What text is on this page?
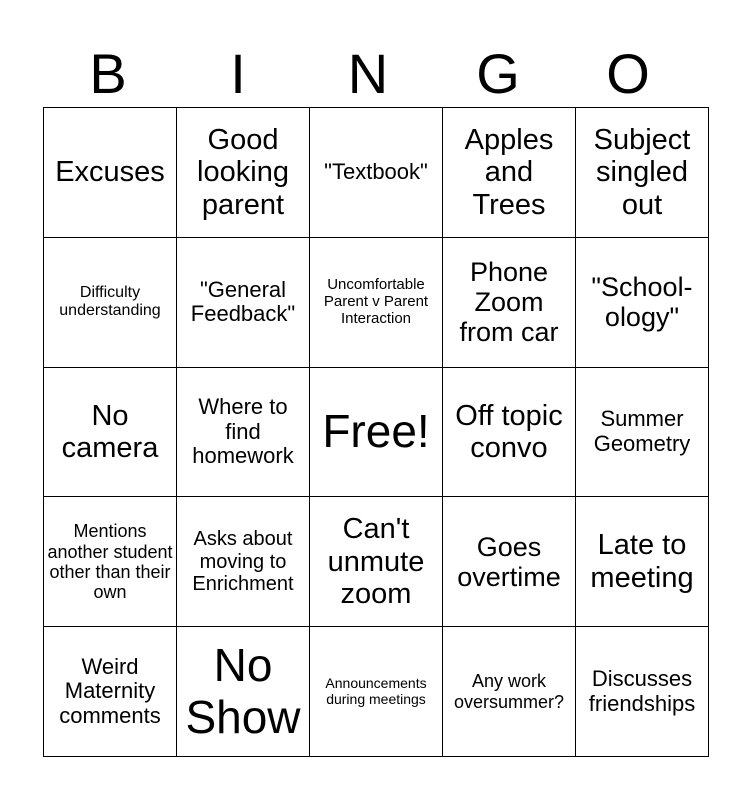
B	I	N	G	O
Excuses	Good looking parent	"Textbook"	Apples and Trees	Subject singled out
Difficulty understanding	"General Feedback"	Uncomfortable Parent v Parent Interaction	Phone Zoom from car	"School-ology"
No camera	Where to find homework	Free!	Off topic convo	Summer Geometry
Mentions another student other than their own	Asks about moving to Enrichment	Can't unmute zoom	Goes overtime	Late to meeting
Weird Maternity comments	No Show	Announcements during meetings	Any work oversummer?	Discusses friendships
